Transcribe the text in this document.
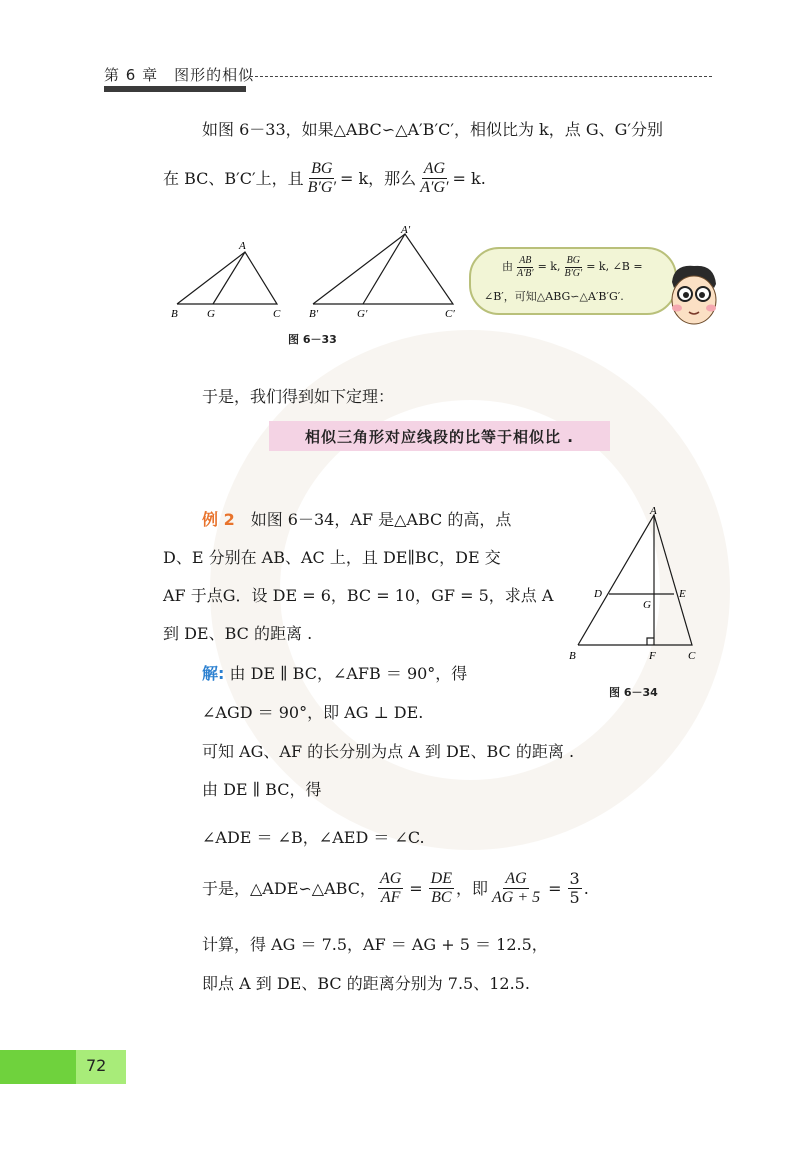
第 6 章　图形的相似
如图 6－33，如果△ABC∽△A′B′C′，相似比为 k，点 G、G′分别
在 BC、B′C′上，且 $\frac{BG}{B'G'} = k$，那么 $\frac{AG}{A'G'} = k$.
A
B	G	C
A′
B′	G′	C′
图 6－33
由 $\frac{AB}{A'B'} = k$, $\frac{BG}{B'G'} = k$, ∠B =
∠B′，可知△ABG∽△A′B′G′.
于是，我们得到如下定理：
相似三角形对应线段的比等于相似比 .
例 2　如图 6－34，AF 是△ABC 的高，点
D、E 分别在 AB、AC 上，且 DE∥BC，DE 交
AF 于点G．设 DE = 6，BC = 10，GF = 5，求点 A
到 DE、BC 的距离 .
A
D	E
G
B	F	C
图 6－34
解: 由 DE ∥ BC，∠AFB ＝ 90°，得
∠AGD ＝ 90°，即 AG ⊥ DE.
可知 AG、AF 的长分别为点 A 到 DE、BC 的距离 .
由 DE ∥ BC，得
∠ADE ＝ ∠B，∠AED ＝ ∠C.
于是，△ADE∽△ABC， $\frac{AG}{AF} = \frac{DE}{BC}$ ，即 $\frac{AG}{AG + 5} = \frac{3}{5}$ .
计算，得 AG ＝ 7.5，AF ＝ AG + 5 ＝ 12.5，
即点 A 到 DE、BC 的距离分别为 7.5、12.5.
72
